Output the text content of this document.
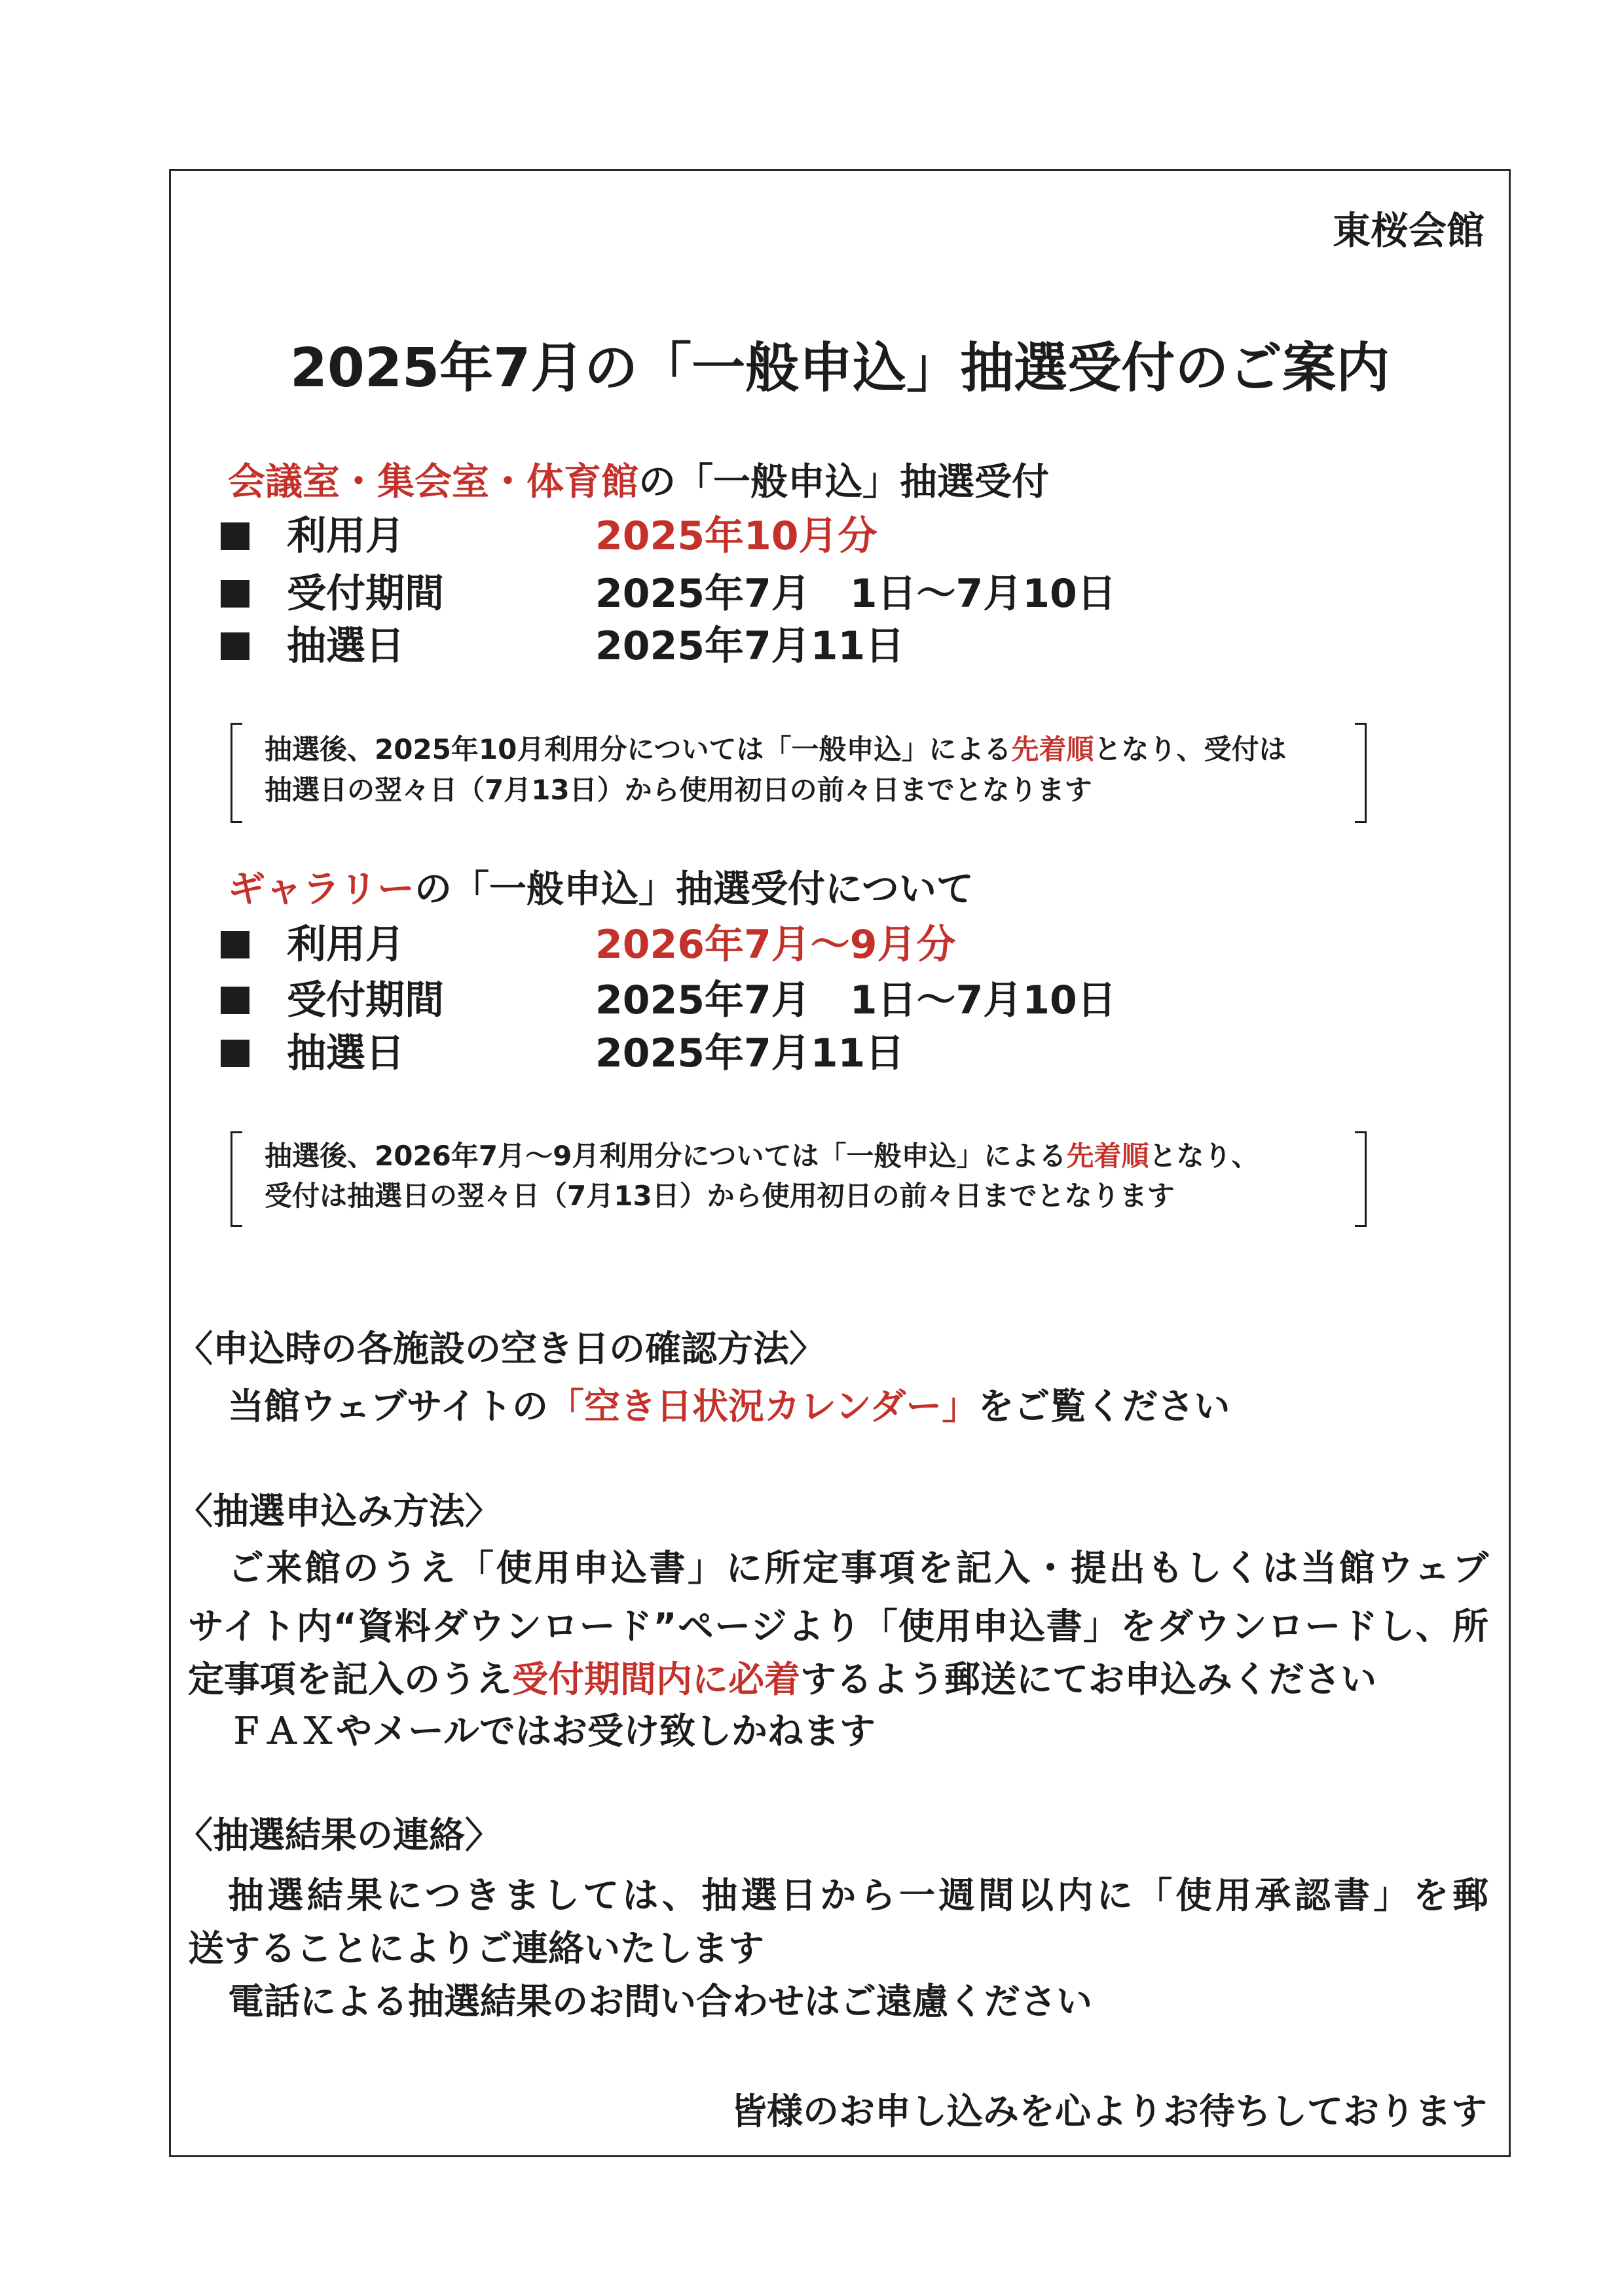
東桜会館
2025年7月の「一般申込」抽選受付のご案内
会議室・集会室・体育館の「一般申込」抽選受付
利用月	2025年10月分
受付期間	2025年7月　1日～7月10日
抽選日	2025年7月11日
抽選後、2025年10月利用分については「一般申込」による先着順となり、受付は
抽選日の翌々日（7月13日）から使用初日の前々日までとなります
ギャラリーの「一般申込」抽選受付について
利用月	2026年7月～9月分
受付期間	2025年7月　1日～7月10日
抽選日	2025年7月11日
抽選後、2026年7月～9月利用分については「一般申込」による先着順となり、
受付は抽選日の翌々日（7月13日）から使用初日の前々日までとなります
〈申込時の各施設の空き日の確認方法〉
当館ウェブサイトの「空き日状況カレンダー」をご覧ください
〈抽選申込み方法〉
ご来館のうえ「使用申込書」に所定事項を記入・提出もしくは当館ウェブ
サイト内“資料ダウンロード”ページより「使用申込書」をダウンロードし、所
定事項を記入のうえ受付期間内に必着するよう郵送にてお申込みください
ＦＡＸやメールではお受け致しかねます
〈抽選結果の連絡〉
抽選結果につきましては、抽選日から一週間以内に「使用承認書」を郵
送することによりご連絡いたします
電話による抽選結果のお問い合わせはご遠慮ください
皆様のお申し込みを心よりお待ちしております
